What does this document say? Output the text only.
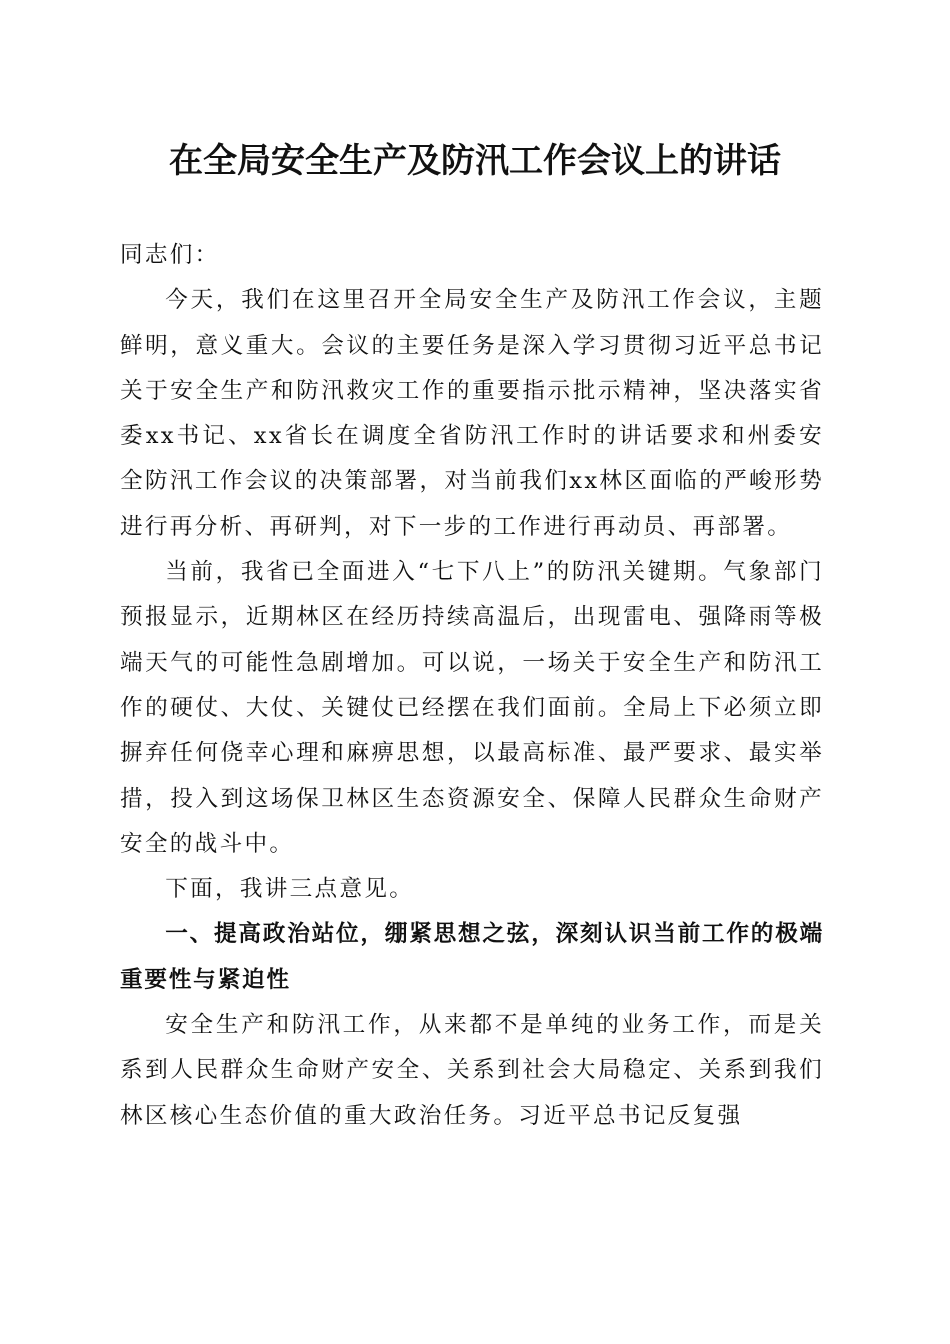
在全局安全生产及防汛工作会议上的讲话

同志们：

今天，我们在这里召开全局安全生产及防汛工作会议，主题鲜明，意义重大。会议的主要任务是深入学习贯彻习近平总书记关于安全生产和防汛救灾工作的重要指示批示精神，坚决落实省委xx书记、xx省长在调度全省防汛工作时的讲话要求和州委安全防汛工作会议的决策部署，对当前我们xx林区面临的严峻形势进行再分析、再研判，对下一步的工作进行再动员、再部署。

当前，我省已全面进入“七下八上”的防汛关键期。气象部门预报显示，近期林区在经历持续高温后，出现雷电、强降雨等极端天气的可能性急剧增加。可以说，一场关于安全生产和防汛工作的硬仗、大仗、关键仗已经摆在我们面前。全局上下必须立即摒弃任何侥幸心理和麻痹思想，以最高标准、最严要求、最实举措，投入到这场保卫林区生态资源安全、保障人民群众生命财产安全的战斗中。

下面，我讲三点意见。

一、提高政治站位，绷紧思想之弦，深刻认识当前工作的极端重要性与紧迫性

安全生产和防汛工作，从来都不是单纯的业务工作，而是关系到人民群众生命财产安全、关系到社会大局稳定、关系到我们林区核心生态价值的重大政治任务。习近平总书记反复强
